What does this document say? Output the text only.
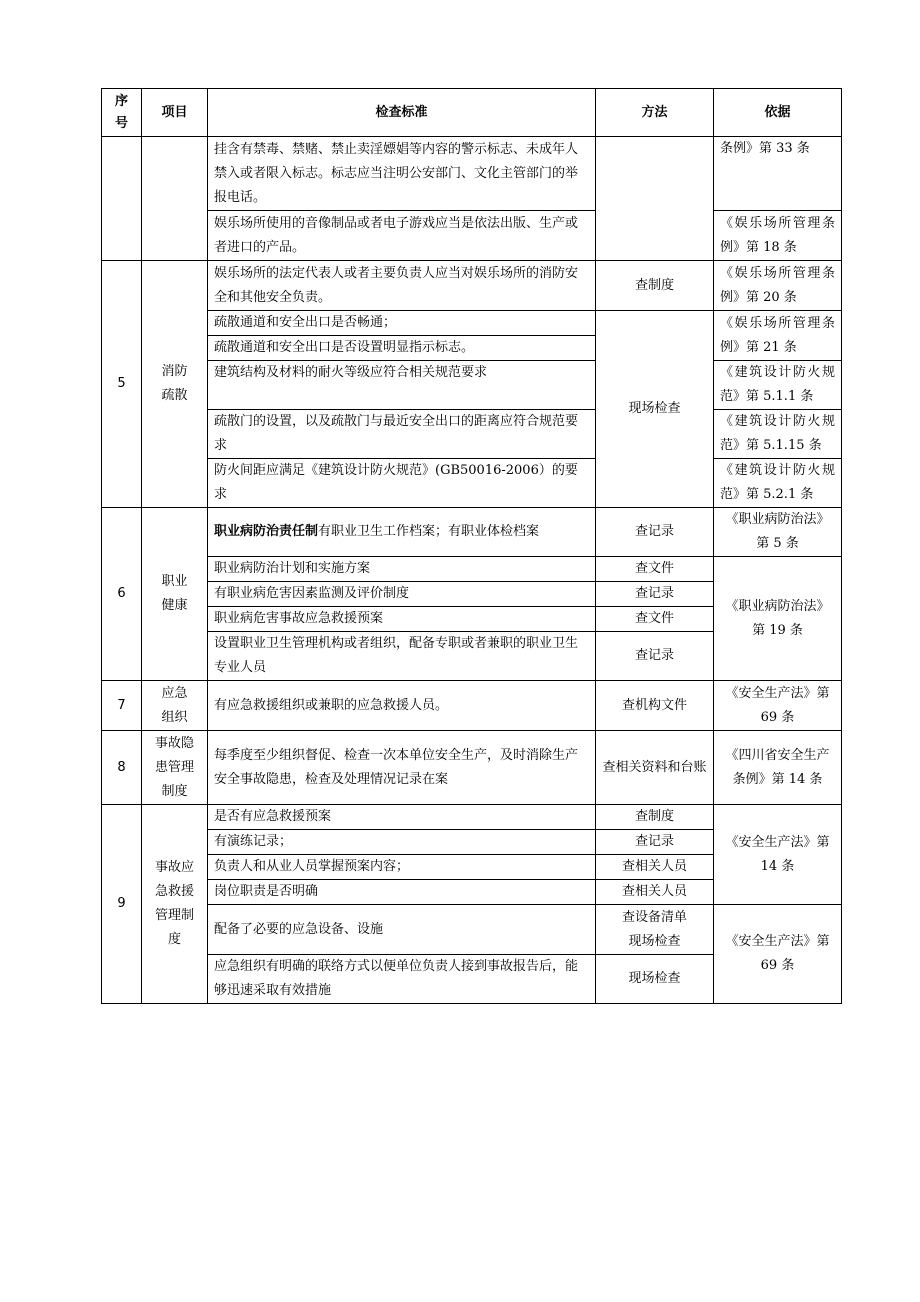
序号	项目	检查标准	方法	依据
		挂含有禁毒、禁赌、禁止卖淫嫖娼等内容的警示标志、未成年人禁入或者限入标志。标志应当注明公安部门、文化主管部门的举报电话。		条例》第 33 条
		娱乐场所使用的音像制品或者电子游戏应当是依法出版、生产或者进口的产品。		《娱乐场所管理条例》第 18 条
5	消防疏散	娱乐场所的法定代表人或者主要负责人应当对娱乐场所的消防安全和其他安全负责。	查制度	《娱乐场所管理条例》第 20 条
		疏散通道和安全出口是否畅通；	现场检查	《娱乐场所管理条例》第 21 条
		疏散通道和安全出口是否设置明显指示标志。		
		建筑结构及材料的耐火等级应符合相关规范要求		《建筑设计防火规范》第 5.1.1 条
		疏散门的设置，以及疏散门与最近安全出口的距离应符合规范要求		《建筑设计防火规范》第 5.1.15 条
		防火间距应满足《建筑设计防火规范》(GB50016-2006）的要求		《建筑设计防火规范》第 5.2.1 条
6	职业健康	职业病防治责任制有职业卫生工作档案；有职业体检档案	查记录	《职业病防治法》第 5 条
		职业病防治计划和实施方案	查文件	《职业病防治法》第 19 条
		有职业病危害因素监测及评价制度	查记录	
		职业病危害事故应急救援预案	查文件	
		设置职业卫生管理机构或者组织，配备专职或者兼职的职业卫生专业人员	查记录	
7	应急组织	有应急救援组织或兼职的应急救援人员。	查机构文件	《安全生产法》第 69 条
8	事故隐患管理制度	每季度至少组织督促、检查一次本单位安全生产，及时消除生产安全事故隐患，检查及处理情况记录在案	查相关资料和台账	《四川省安全生产条例》第 14 条
9	事故应急救援管理制度	是否有应急救援预案	查制度	《安全生产法》第 14 条
		有演练记录；	查记录	
		负责人和从业人员掌握预案内容；	查相关人员	
		岗位职责是否明确	查相关人员	
		配备了必要的应急设备、设施	查设备清单现场检查	《安全生产法》第 69 条
		应急组织有明确的联络方式以便单位负责人接到事故报告后，能够迅速采取有效措施	现场检查	
